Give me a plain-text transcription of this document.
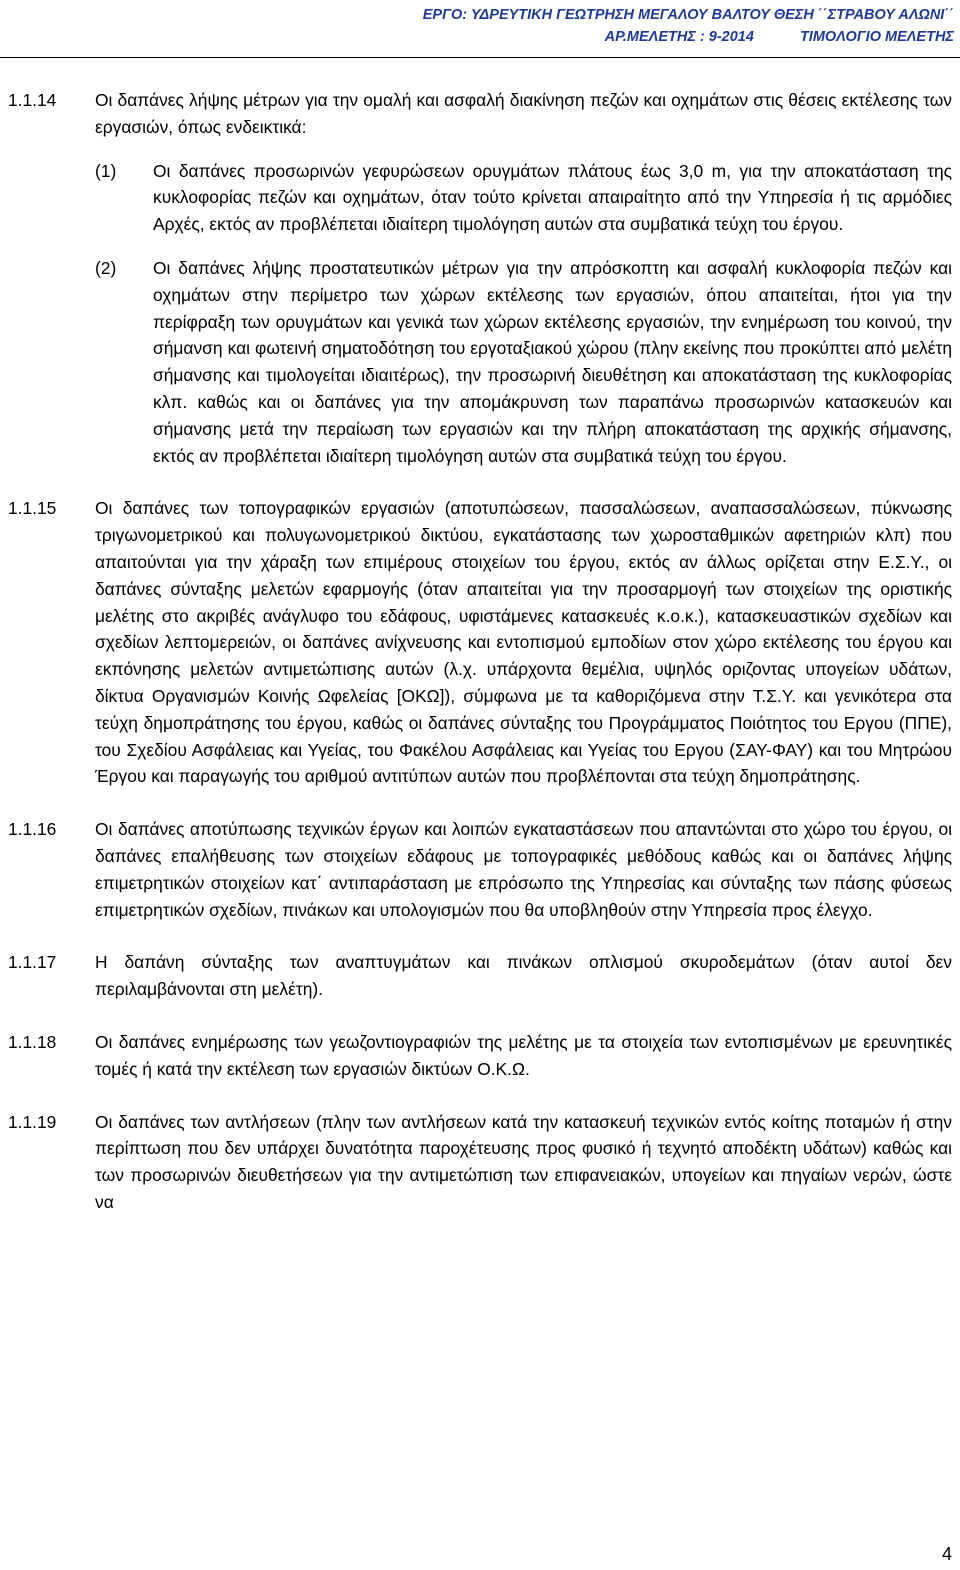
ΕΡΓΟ: ΥΔΡΕΥΤΙΚΗ ΓΕΩΤΡΗΣΗ ΜΕΓΑΛΟΥ ΒΑΛΤΟΥ ΘΕΣΗ ΄΄ΣΤΡΑΒΟΥ ΑΛΩΝΙ΄΄
ΑΡ.ΜΕΛΕΤΗΣ : 9-2014	ΤΙΜΟΛΟΓΙΟ ΜΕΛΕΤΗΣ
1.1.14	Οι δαπάνες λήψης μέτρων για την ομαλή και ασφαλή διακίνηση πεζών και οχημάτων στις θέσεις εκτέλεσης των εργασιών, όπως ενδεικτικά:
(1)	Οι δαπάνες προσωρινών γεφυρώσεων ορυγμάτων πλάτους έως 3,0 m, για την αποκατάσταση της κυκλοφορίας πεζών και οχημάτων, όταν τούτο κρίνεται απαιραίτητο από την Υπηρεσία ή τις αρμόδιες Αρχές, εκτός αν προβλέπεται ιδιαίτερη τιμολόγηση αυτών στα συμβατικά τεύχη του έργου.
(2)	Οι δαπάνες λήψης προστατευτικών μέτρων για την απρόσκοπτη και ασφαλή κυκλοφορία πεζών και οχημάτων στην περίμετρο των χώρων εκτέλεσης των εργασιών, όπου απαιτείται, ήτοι για την περίφραξη των ορυγμάτων και γενικά των χώρων εκτέλεσης εργασιών, την ενημέρωση του κοινού, την σήμανση και φωτεινή σηματοδότηση του εργοταξιακού χώρου (πλην εκείνης που προκύπτει από μελέτη σήμανσης και τιμολογείται ιδιαιτέρως), την προσωρινή διευθέτηση και αποκατάσταση της κυκλοφορίας κλπ. καθώς και οι δαπάνες για την απομάκρυνση των παραπάνω προσωρινών κατασκευών και σήμανσης μετά την περαίωση των εργασιών και την πλήρη αποκατάσταση της αρχικής σήμανσης, εκτός αν προβλέπεται ιδιαίτερη τιμολόγηση αυτών στα συμβατικά τεύχη του έργου.
1.1.15	Οι δαπάνες των τοπογραφικών εργασιών (αποτυπώσεων, πασσαλώσεων, αναπασσαλώσεων, πύκνωσης τριγωνομετρικού και πολυγωνομετρικού δικτύου, εγκατάστασης των χωροσταθμικών αφετηριών κλπ) που απαιτούνται για την χάραξη των επιμέρους στοιχείων του έργου, εκτός αν άλλως ορίζεται στην Ε.Σ.Υ., οι δαπάνες σύνταξης μελετών εφαρμογής (όταν απαιτείται για την προσαρμογή των στοιχείων της οριστικής μελέτης στο ακριβές ανάγλυφο του εδάφους, υφιστάμενες κατασκευές κ.ο.κ.), κατασκευαστικών σχεδίων και σχεδίων λεπτομερειών, οι δαπάνες ανίχνευσης και εντοπισμού εμποδίων στον χώρο εκτέλεσης του έργου και εκπόνησης μελετών αντιμετώπισης αυτών (λ.χ. υπάρχοντα θεμέλια, υψηλός οριζοντας υπογείων υδάτων, δίκτυα Οργανισμών Κοινής Ωφελείας [ΟΚΩ]), σύμφωνα με τα καθοριζόμενα στην Τ.Σ.Υ. και γενικότερα στα τεύχη δημοπράτησης του έργου, καθώς οι δαπάνες σύνταξης του Προγράμματος Ποιότητος του Εργου (ΠΠΕ), του Σχεδίου Ασφάλειας και Υγείας, του Φακέλου Ασφάλειας και Υγείας του Εργου (ΣΑΥ-ΦΑΥ) και του Μητρώου Έργου και παραγωγής του αριθμού αντιτύπων αυτών που προβλέπονται στα τεύχη δημοπράτησης.
1.1.16	Οι δαπάνες αποτύπωσης τεχνικών έργων και λοιπών εγκαταστάσεων που απαντώνται στο χώρο του έργου, οι δαπάνες επαλήθευσης των στοιχείων εδάφους με τοπογραφικές μεθόδους καθώς και οι δαπάνες λήψης επιμετρητικών στοιχείων κατ΄ αντιπαράσταση με επρόσωπο της Υπηρεσίας και σύνταξης των πάσης φύσεως επιμετρητικών σχεδίων, πινάκων και υπολογισμών που θα υποβληθούν στην Υπηρεσία προς έλεγχο.
1.1.17	Η δαπάνη σύνταξης των αναπτυγμάτων και πινάκων οπλισμού σκυροδεμάτων (όταν αυτοί δεν περιλαμβάνονται στη μελέτη).
1.1.18	Οι δαπάνες ενημέρωσης των γεωζοντιογραφιών της μελέτης με τα στοιχεία των εντοπισμένων με ερευνητικές τομές ή κατά την εκτέλεση των εργασιών δικτύων Ο.Κ.Ω.
1.1.19	Οι δαπάνες των αντλήσεων (πλην των αντλήσεων κατά την κατασκευή τεχνικών εντός κοίτης ποταμών ή στην περίπτωση που δεν υπάρχει δυνατότητα παροχέτευσης προς φυσικό ή τεχνητό αποδέκτη υδάτων) καθώς και των προσωρινών διευθετήσεων για την αντιμετώπιση των επιφανειακών, υπογείων και πηγαίων νερών, ώστε να
4
